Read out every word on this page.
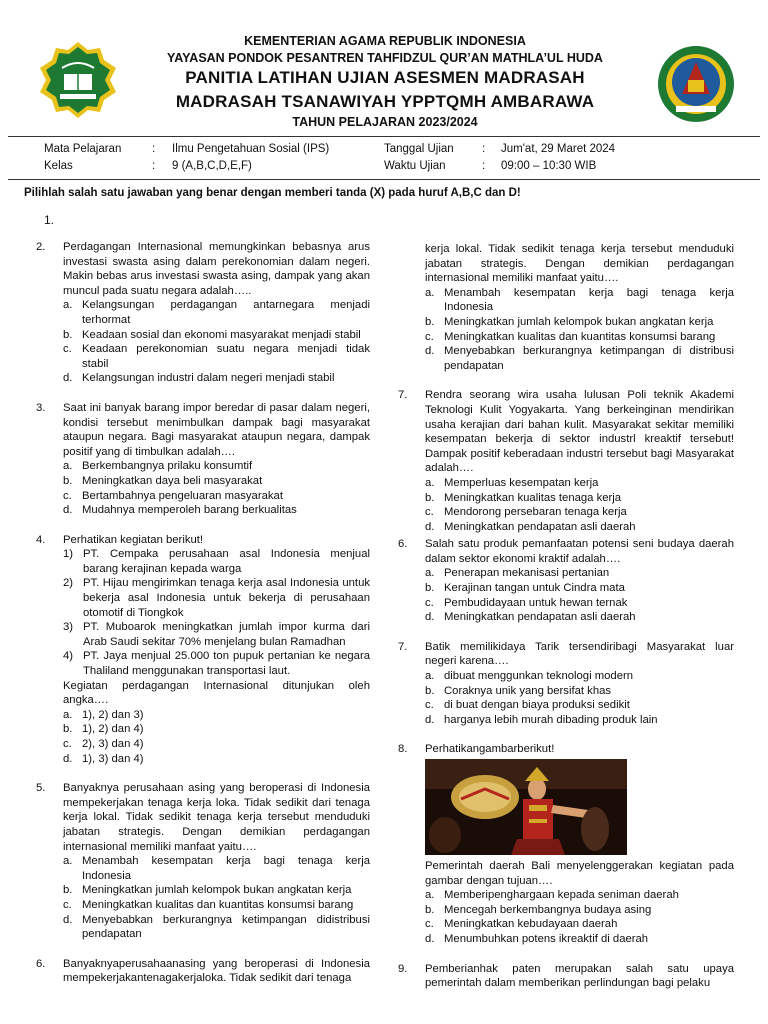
KEMENTERIAN AGAMA REPUBLIK INDONESIA
YAYASAN PONDOK PESANTREN TAHFIDZUL QUR’AN MATHLA’UL HUDA
PANITIA LATIHAN UJIAN ASESMEN MADRASAH
MADRASAH TSANAWIYAH YPPTQMH AMBARAWA
TAHUN PELAJARAN 2023/2024
Mata Pelajaran	: Ilmu Pengetahuan Sosial (IPS)	Tanggal Ujian : Jum'at, 29 Maret 2024
Kelas	: 9 (A,B,C,D,E,F)	Waktu Ujian	: 09:00 – 10:30 WIB
Pilihlah salah satu jawaban yang benar dengan memberi tanda (X) pada huruf A,B,C dan D!
1.
2.	Perdagangan Internasional memungkinkan bebasnya arus investasi swasta asing dalam perekonomian dalam negeri. Makin bebas arus investasi swasta asing, dampak yang akan muncul pada suatu negara adalah…..
a. Kelangsungan perdagangan antarnegara menjadi terhormat
b. Keadaan sosial dan ekonomi masyarakat menjadi stabil
c. Keadaan perekonomian suatu negara menjadi tidak stabil
d. Kelangsungan industri dalam negeri menjadi stabil
3.	Saat ini banyak barang impor beredar di pasar dalam negeri, kondisi tersebut menimbulkan dampak bagi masyarakat ataupun negara. Bagi masyarakat ataupun negara, dampak positif yang di timbulkan adalah….
a. Berkembangnya prilaku konsumtif
b. Meningkatkan daya beli masyarakat
c. Bertambahnya pengeluaran masyarakat
d. Mudahnya memperoleh barang berkualitas
4.	Perhatikan kegiatan berikut!
1) PT. Cempaka perusahaan asal Indonesia menjual barang kerajinan kepada warga
2) PT. Hijau mengirimkan tenaga kerja asal Indonesia untuk bekerja asal Indonesia untuk bekerja di perusahaan otomotif di Tiongkok
3) PT. Muboarok meningkatkan jumlah impor kurma dari Arab Saudi sekitar 70% menjelang bulan Ramadhan
4) PT. Jaya menjual 25.000 ton pupuk pertanian ke negara Thaliland menggunakan transportasi laut.
Kegiatan perdagangan Internasional ditunjukan oleh angka….
a. 1), 2) dan 3)
b. 1), 2) dan 4)
c. 2), 3) dan 4)
d. 1), 3) dan 4)
5.	Banyaknya perusahaan asing yang beroperasi di Indonesia mempekerjakan tenaga kerja loka. Tidak sedikit dari tenaga kerja lokal. Tidak sedikit tenaga kerja tersebut menduduki jabatan strategis. Dengan demikian perdagangan internasional memiliki manfaat yaitu….
a. Menambah kesempatan kerja bagi tenaga kerja Indonesia
b. Meningkatkan jumlah kelompok bukan angkatan kerja
c. Meningkatkan kualitas dan kuantitas konsumsi barang
d. Menyebabkan berkurangnya ketimpangan didistribusi pendapatan
6.	Banyaknyaperusahaanasing yang beroperasi di Indonesia mempekerjakantenagakerjaloka. Tidak sedikit dari tenaga
kerja lokal. Tidak sedikit tenaga kerja tersebut menduduki jabatan strategis. Dengan demikian perdagangan internasional memiliki manfaat yaitu….
a. Menambah kesempatan kerja bagi tenaga kerja Indonesia
b. Meningkatkan jumlah kelompok bukan angkatan kerja
c. Meningkatkan kualitas dan kuantitas konsumsi barang
d. Menyebabkan berkurangnya ketimpangan di distribusi pendapatan
7.	Rendra seorang wira usaha lulusan Poli teknik Akademi Teknologi Kulit Yogyakarta. Yang berkeinginan mendirikan usaha kerajian dari bahan kulit. Masyarakat sekitar memiliki kesempatan bekerja di sektor industrl kreaktif tersebut! Dampak positif keberadaan industri tersebut bagi Masyarakat adalah….
a. Memperluas kesempatan kerja
b. Meningkatkan kualitas tenaga kerja
c. Mendorong persebaran tenaga kerja
d. Meningkatkan pendapatan asli daerah
6.	Salah satu produk pemanfaatan potensi seni budaya daerah dalam sektor ekonomi kraktif adalah….
a. Penerapan mekanisasi pertanian
b. Kerajinan tangan untuk Cindra mata
c. Pembudidayaan untuk hewan ternak
d. Meningkatkan pendapatan asli daerah
7.	Batik memilikidaya Tarik tersendiribagi Masyarakat luar negeri karena….
a. dibuat menggunkan teknologi modern
b. Coraknya unik yang bersifat khas
c. di buat dengan biaya produksi sedikit
d. harganya lebih murah dibading produk lain
8.	Perhatikangambarberikut!
Pemerintah daerah Bali menyelenggerakan kegiatan pada gambar dengan tujuan….
a. Memberipenghargaan kepada seniman daerah
b. Mencegah berkembangnya budaya asing
c. Meningkatkan kebudayaan daerah
d. Menumbuhkan potens ikreaktif di daerah
9.	Pemberianhak paten merupakan salah satu upaya pemerintah dalam memberikan perlindungan bagi pelaku
